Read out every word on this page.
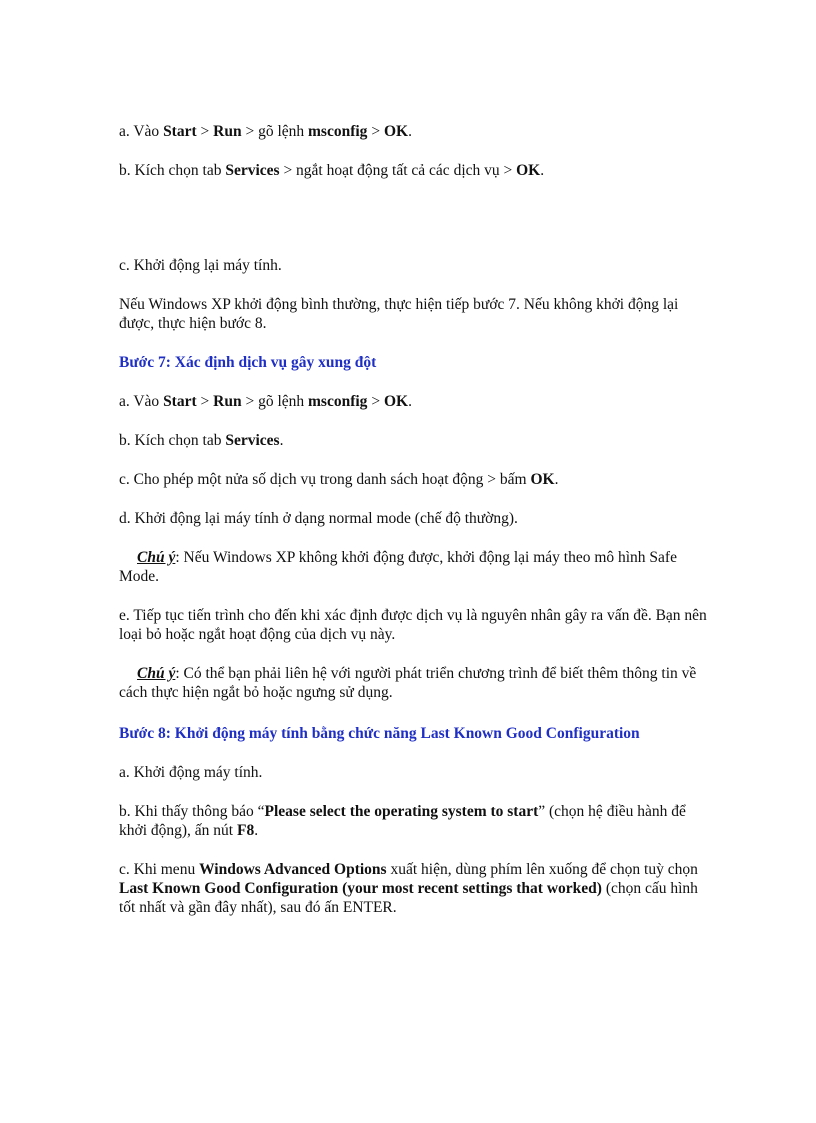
a. Vào Start > Run > gõ lệnh msconfig > OK.

b. Kích chọn tab Services > ngắt hoạt động tất cả các dịch vụ > OK.

c. Khởi động lại máy tính.

Nếu Windows XP khởi động bình thường, thực hiện tiếp bước 7. Nếu không khởi động lại được, thực hiện bước 8.

Bước 7: Xác định dịch vụ gây xung đột

a. Vào Start > Run > gõ lệnh msconfig > OK.

b. Kích chọn tab Services.

c. Cho phép một nửa số dịch vụ trong danh sách hoạt động > bấm OK.

d. Khởi động lại máy tính ở dạng normal mode (chế độ thường).

Chú ý: Nếu Windows XP không khởi động được, khởi động lại máy theo mô hình Safe Mode.

e. Tiếp tục tiến trình cho đến khi xác định được dịch vụ là nguyên nhân gây ra vấn đề. Bạn nên loại bỏ hoặc ngắt hoạt động của dịch vụ này.

Chú ý: Có thể bạn phải liên hệ với người phát triển chương trình để biết thêm thông tin về cách thực hiện ngắt bỏ hoặc ngưng sử dụng.

Bước 8: Khởi động máy tính bằng chức năng Last Known Good Configuration

a. Khởi động máy tính.

b. Khi thấy thông báo “Please select the operating system to start” (chọn hệ điều hành để khởi động), ấn nút F8.

c. Khi menu Windows Advanced Options xuất hiện, dùng phím lên xuống để chọn tuỳ chọn Last Known Good Configuration (your most recent settings that worked) (chọn cấu hình tốt nhất và gần đây nhất), sau đó ấn ENTER.
